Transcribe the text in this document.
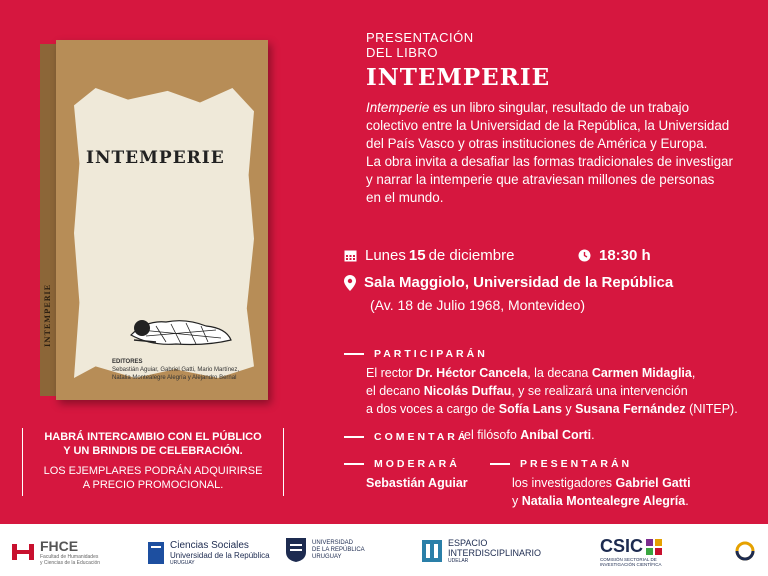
INTEMPERIE
INTEMPERIE
EDITORES
Sebastián Aguiar, Gabriel Gatti, Mario Martínez, Natalia Montealegre Alegría y Alejandro Bernal
HABRÁ INTERCAMBIO CON EL PÚBLICO
Y UN BRINDIS DE CELEBRACIÓN.
LOS EJEMPLARES PODRÁN ADQUIRIRSE
A PRECIO PROMOCIONAL.
PRESENTACIÓN
DEL LIBRO
INTEMPERIE
Intemperie es un libro singular, resultado de un trabajo
colectivo entre la Universidad de la República, la Universidad
del País Vasco y otras instituciones de América y Europa.
La obra invita a desafiar las formas tradicionales de investigar
y narrar la intemperie que atraviesan millones de personas
en el mundo.
Lunes 15 de diciembre	18:30 h
Sala Maggiolo, Universidad de la República
(Av. 18 de Julio 1968, Montevideo)
PARTICIPARÁN
El rector Dr. Héctor Cancela, la decana Carmen Midaglia,
el decano Nicolás Duffau, y se realizará una intervención
a dos voces a cargo de Sofía Lans y Susana Fernández (NITEP).
COMENTARÁ
el filósofo Aníbal Corti.
MODERARÁ
Sebastián Aguiar
PRESENTARÁN
los investigadores Gabriel Gatti
y Natalia Montealegre Alegría.
FHCE
Facultad de Humanidades
y Ciencias de la Educación
Ciencias Sociales
Universidad de la República
URUGUAY
UNIVERSIDAD
DE LA REPÚBLICA
URUGUAY
ESPACIO
INTERDISCIPLINARIO
UDELAR
CSIC
COMISIÓN SECTORIAL DE
INVESTIGACIÓN CIENTÍFICA
